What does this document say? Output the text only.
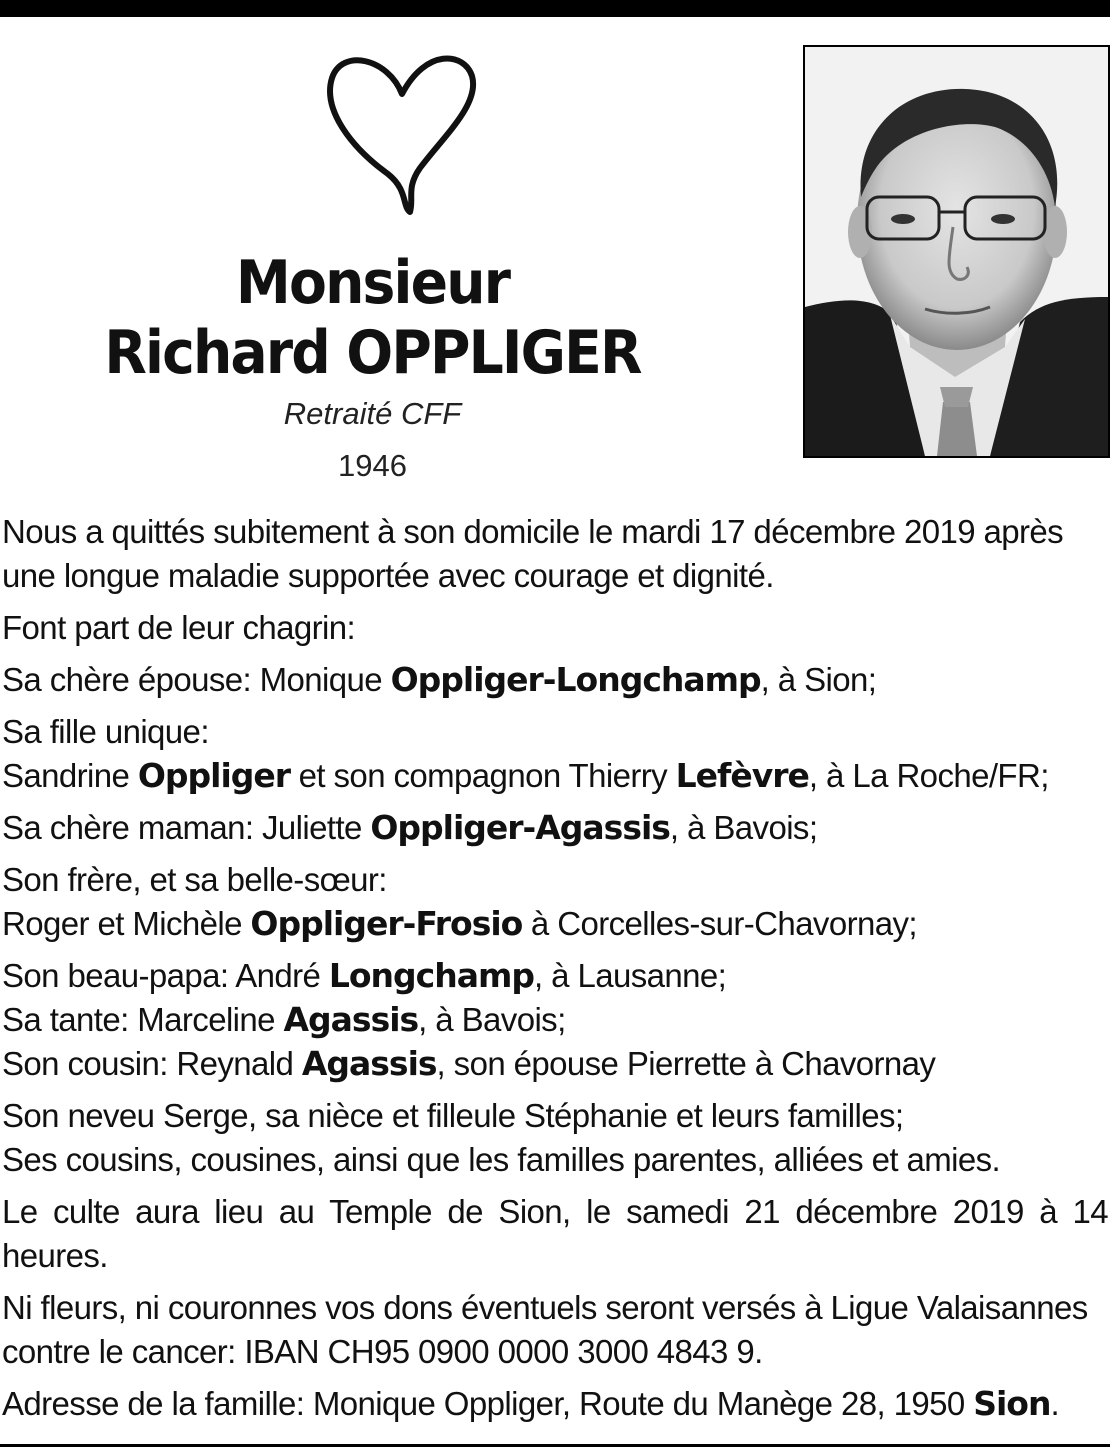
Monsieur
Richard OPPLIGER
Retraité CFF
1946

Nous a quittés subitement à son domicile le mardi 17 décembre 2019 après une longue maladie supportée avec courage et dignité.

Font part de leur chagrin:

Sa chère épouse: Monique Oppliger-Longchamp, à Sion;

Sa fille unique:
Sandrine Oppliger et son compagnon Thierry Lefèvre, à La Roche/FR;

Sa chère maman: Juliette Oppliger-Agassis, à Bavois;

Son frère, et sa belle-sœur:
Roger et Michèle Oppliger-Frosio à Corcelles-sur-Chavornay;

Son beau-papa: André Longchamp, à Lausanne;
Sa tante: Marceline Agassis, à Bavois;
Son cousin: Reynald Agassis, son épouse Pierrette à Chavornay

Son neveu Serge, sa nièce et filleule Stéphanie et leurs familles;
Ses cousins, cousines, ainsi que les familles parentes, alliées et amies.

Le culte aura lieu au Temple de Sion, le samedi 21 décembre 2019 à 14 heures.

Ni fleurs, ni couronnes vos dons éventuels seront versés à Ligue Valaisannes contre le cancer: IBAN CH95 0900 0000 3000 4843 9.

Adresse de la famille: Monique Oppliger, Route du Manège 28, 1950 Sion.
